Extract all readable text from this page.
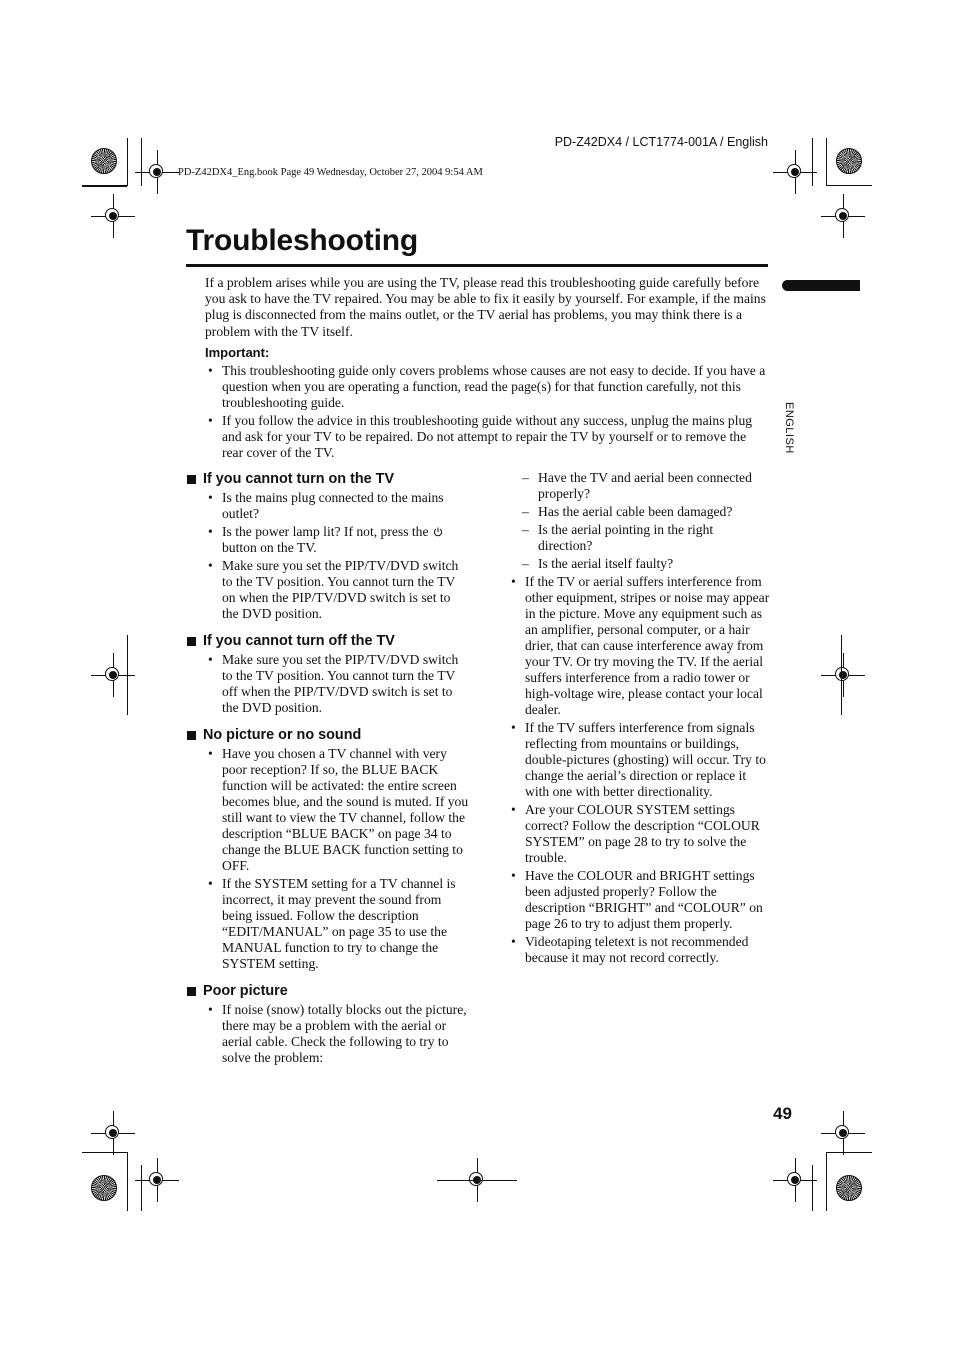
PD-Z42DX4 / LCT1774-001A / English
PD-Z42DX4_Eng.book Page 49 Wednesday, October 27, 2004 9:54 AM
Troubleshooting
ENGLISH
If a problem arises while you are using the TV, please read this troubleshooting guide carefully before you ask to have the TV repaired. You may be able to fix it easily by yourself. For example, if the mains plug is disconnected from the mains outlet, or the TV aerial has problems, you may think there is a problem with the TV itself.
Important:
• This troubleshooting guide only covers problems whose causes are not easy to decide. If you have a question when you are operating a function, read the page(s) for that function carefully, not this troubleshooting guide.
• If you follow the advice in this troubleshooting guide without any success, unplug the mains plug and ask for your TV to be repaired. Do not attempt to repair the TV by yourself or to remove the rear cover of the TV.
If you cannot turn on the TV
• Is the mains plug connected to the mains outlet?
• Is the power lamp lit? If not, press the
button on the TV.
• Make sure you set the PIP/TV/DVD switch to the TV position. You cannot turn the TV on when the PIP/TV/DVD switch is set to the DVD position.
If you cannot turn off the TV
• Make sure you set the PIP/TV/DVD switch to the TV position. You cannot turn the TV off when the PIP/TV/DVD switch is set to the DVD position.
No picture or no sound
• Have you chosen a TV channel with very poor reception? If so, the BLUE BACK function will be activated: the entire screen becomes blue, and the sound is muted. If you still want to view the TV channel, follow the description “BLUE BACK” on page 34 to change the BLUE BACK function setting to OFF.
• If the SYSTEM setting for a TV channel is incorrect, it may prevent the sound from being issued. Follow the description “EDIT/MANUAL” on page 35 to use the MANUAL function to try to change the SYSTEM setting.
Poor picture
• If noise (snow) totally blocks out the picture, there may be a problem with the aerial or aerial cable. Check the following to try to solve the problem:
– Have the TV and aerial been connected properly?
– Has the aerial cable been damaged?
– Is the aerial pointing in the right direction?
– Is the aerial itself faulty?
• If the TV or aerial suffers interference from other equipment, stripes or noise may appear in the picture. Move any equipment such as an amplifier, personal computer, or a hair drier, that can cause interference away from your TV. Or try moving the TV. If the aerial suffers interference from a radio tower or high-voltage wire, please contact your local dealer.
• If the TV suffers interference from signals reflecting from mountains or buildings, double-pictures (ghosting) will occur. Try to change the aerial’s direction or replace it with one with better directionality.
• Are your COLOUR SYSTEM settings correct? Follow the description “COLOUR SYSTEM” on page 28 to try to solve the trouble.
• Have the COLOUR and BRIGHT settings been adjusted properly? Follow the description “BRIGHT” and “COLOUR” on page 26 to try to adjust them properly.
• Videotaping teletext is not recommended because it may not record correctly.
49
